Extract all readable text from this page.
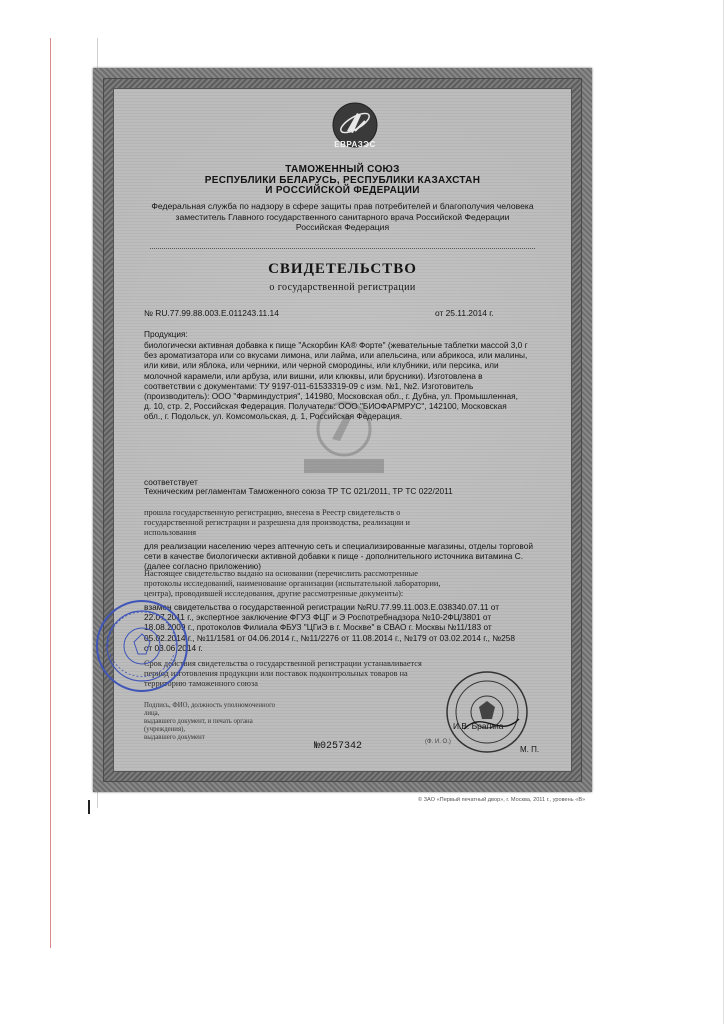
ЕВРАЗЭС
ТАМОЖЕННЫЙ СОЮЗ
РЕСПУБЛИКИ БЕЛАРУСЬ, РЕСПУБЛИКИ КАЗАХСТАН
И РОССИЙСКОЙ ФЕДЕРАЦИИ
Федеральная служба по надзору в сфере защиты прав потребителей и благополучия человека
заместитель Главного государственного санитарного врача Российской Федерации
Российская Федерация
СВИДЕТЕЛЬСТВО
о государственной регистрации
№ RU.77.99.88.003.Е.011243.11.14	от 25.11.2014 г.
Продукция:
биологически активная добавка к пище "Аскорбин КА® Форте" (жевательные таблетки массой 3,0 г
без ароматизатора или со вкусами лимона, или лайма, или апельсина, или абрикоса, или малины,
или киви, или яблока, или черники, или черной смородины, или клубники, или персика, или
молочной карамели, или арбуза, или вишни, или клюквы, или брусники). Изготовлена в
соответствии с документами: ТУ 9197-011-61533319-09 с изм. №1, №2. Изготовитель
(производитель): ООО "Фарминдустрия", 141980, Московская обл., г. Дубна, ул. Промышленная,
д. 10, стр. 2, Российская Федерация. Получатель: ООО "БИОФАРМРУС", 142100, Московская
обл., г. Подольск, ул. Комсомольская, д. 1, Российская Федерация.
соответствует
Техническим регламентам Таможенного союза ТР ТС 021/2011, ТР ТС 022/2011
прошла государственную регистрацию, внесена в Реестр свидетельств о
государственной регистрации и разрешена для производства, реализации и
использования
для реализации населению через аптечную сеть и специализированные магазины, отделы торговой
сети в качестве биологически активной добавки к пище - дополнительного источника витамина С.
(далее согласно приложению)
Настоящее свидетельство выдано на основании (перечислить рассмотренные
протоколы исследований, наименование организации (испытательной лаборатории,
центра), проводившей исследования, другие рассмотренные документы):
взамен свидетельства о государственной регистрации №RU.77.99.11.003.Е.038340.07.11 от
22.07.2011 г., экспертное заключение ФГУЗ ФЦГ и Э Роспотребнадзора №10-2ФЦ/3801 от
18.08.2009 г., протоколов Филиала ФБУЗ "ЦГиЭ в г. Москве" в СВАО г. Москвы №11/183 от
05.02.2014 г., №11/1581 от 04.06.2014 г., №11/2276 от 11.08.2014 г., №179 от 03.02.2014 г., №258
от 03.06.2014 г.
Срок действия свидетельства о государственной регистрации устанавливается
период изготовления продукции или поставок подконтрольных товаров на
территорию таможенного союза
Подпись, ФИО, должность уполномоченного лица,
выдавшего документ, и печать органа (учреждения),
выдавшего документ
И.В. Брагина
(Ф. И. О.)
№0257342	М. П.
© ЗАО «Первый печатный двор», г. Москва, 2011 г., уровень «В»
